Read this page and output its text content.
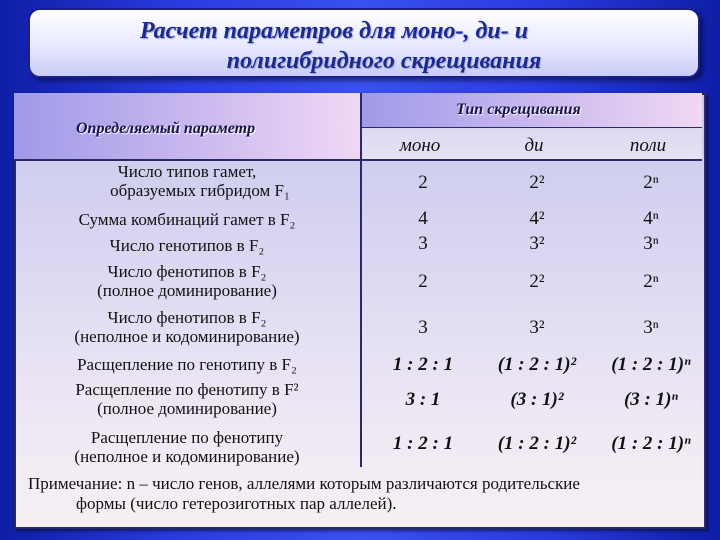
Расчет параметров для моно-, ди- и
полигибридного скрещивания
Определяемый параметр
Тип скрещивания
моно	ди	поли
Число типов гамет,
образуемых гибридом F₁	2	2²	2ⁿ
Сумма комбинаций гамет в F₂	4	4²	4ⁿ
Число генотипов в F₂	3	3²	3ⁿ
Число фенотипов в F₂
(полное доминирование)	2	2²	2ⁿ
Число фенотипов в F₂
(неполное и кодоминирование)	3	3²	3ⁿ
Расщепление по генотипу в F₂	1 : 2 : 1	(1 : 2 : 1)²	(1 : 2 : 1)ⁿ
Расщепление по фенотипу в F²
(полное доминирование)	3 : 1	(3 : 1)²	(3 : 1)ⁿ
Расщепление по фенотипу
(неполное и кодоминирование)
1 : 2 : 1	(1 : 2 : 1)²	(1 : 2 : 1)ⁿ
Примечание: n – число генов, аллелями которым различаются родительские
формы (число гетерозиготных пар аллелей).
